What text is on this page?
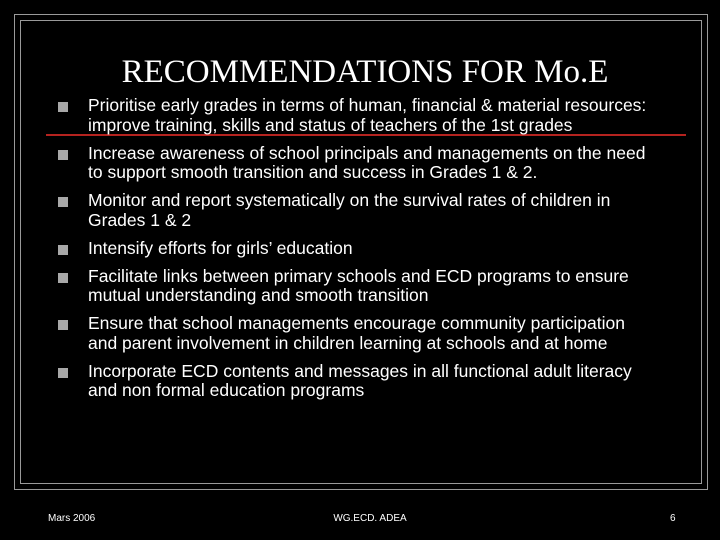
RECOMMENDATIONS FOR Mo.E
Prioritise early grades in terms of human, financial & material resources: improve training, skills and status of teachers of the 1st grades
Increase awareness of school principals and managements on the need to support smooth transition and success in Grades 1 & 2.
Monitor and report systematically on the survival rates of children in Grades 1 & 2
Intensify efforts for girls’ education
Facilitate links between primary schools and ECD programs to ensure mutual understanding and smooth transition
Ensure that school managements encourage community participation and parent involvement in children learning at schools and at home
Incorporate ECD contents and messages in all functional adult literacy and non formal education programs
Mars 2006	WG.ECD. ADEA	6
